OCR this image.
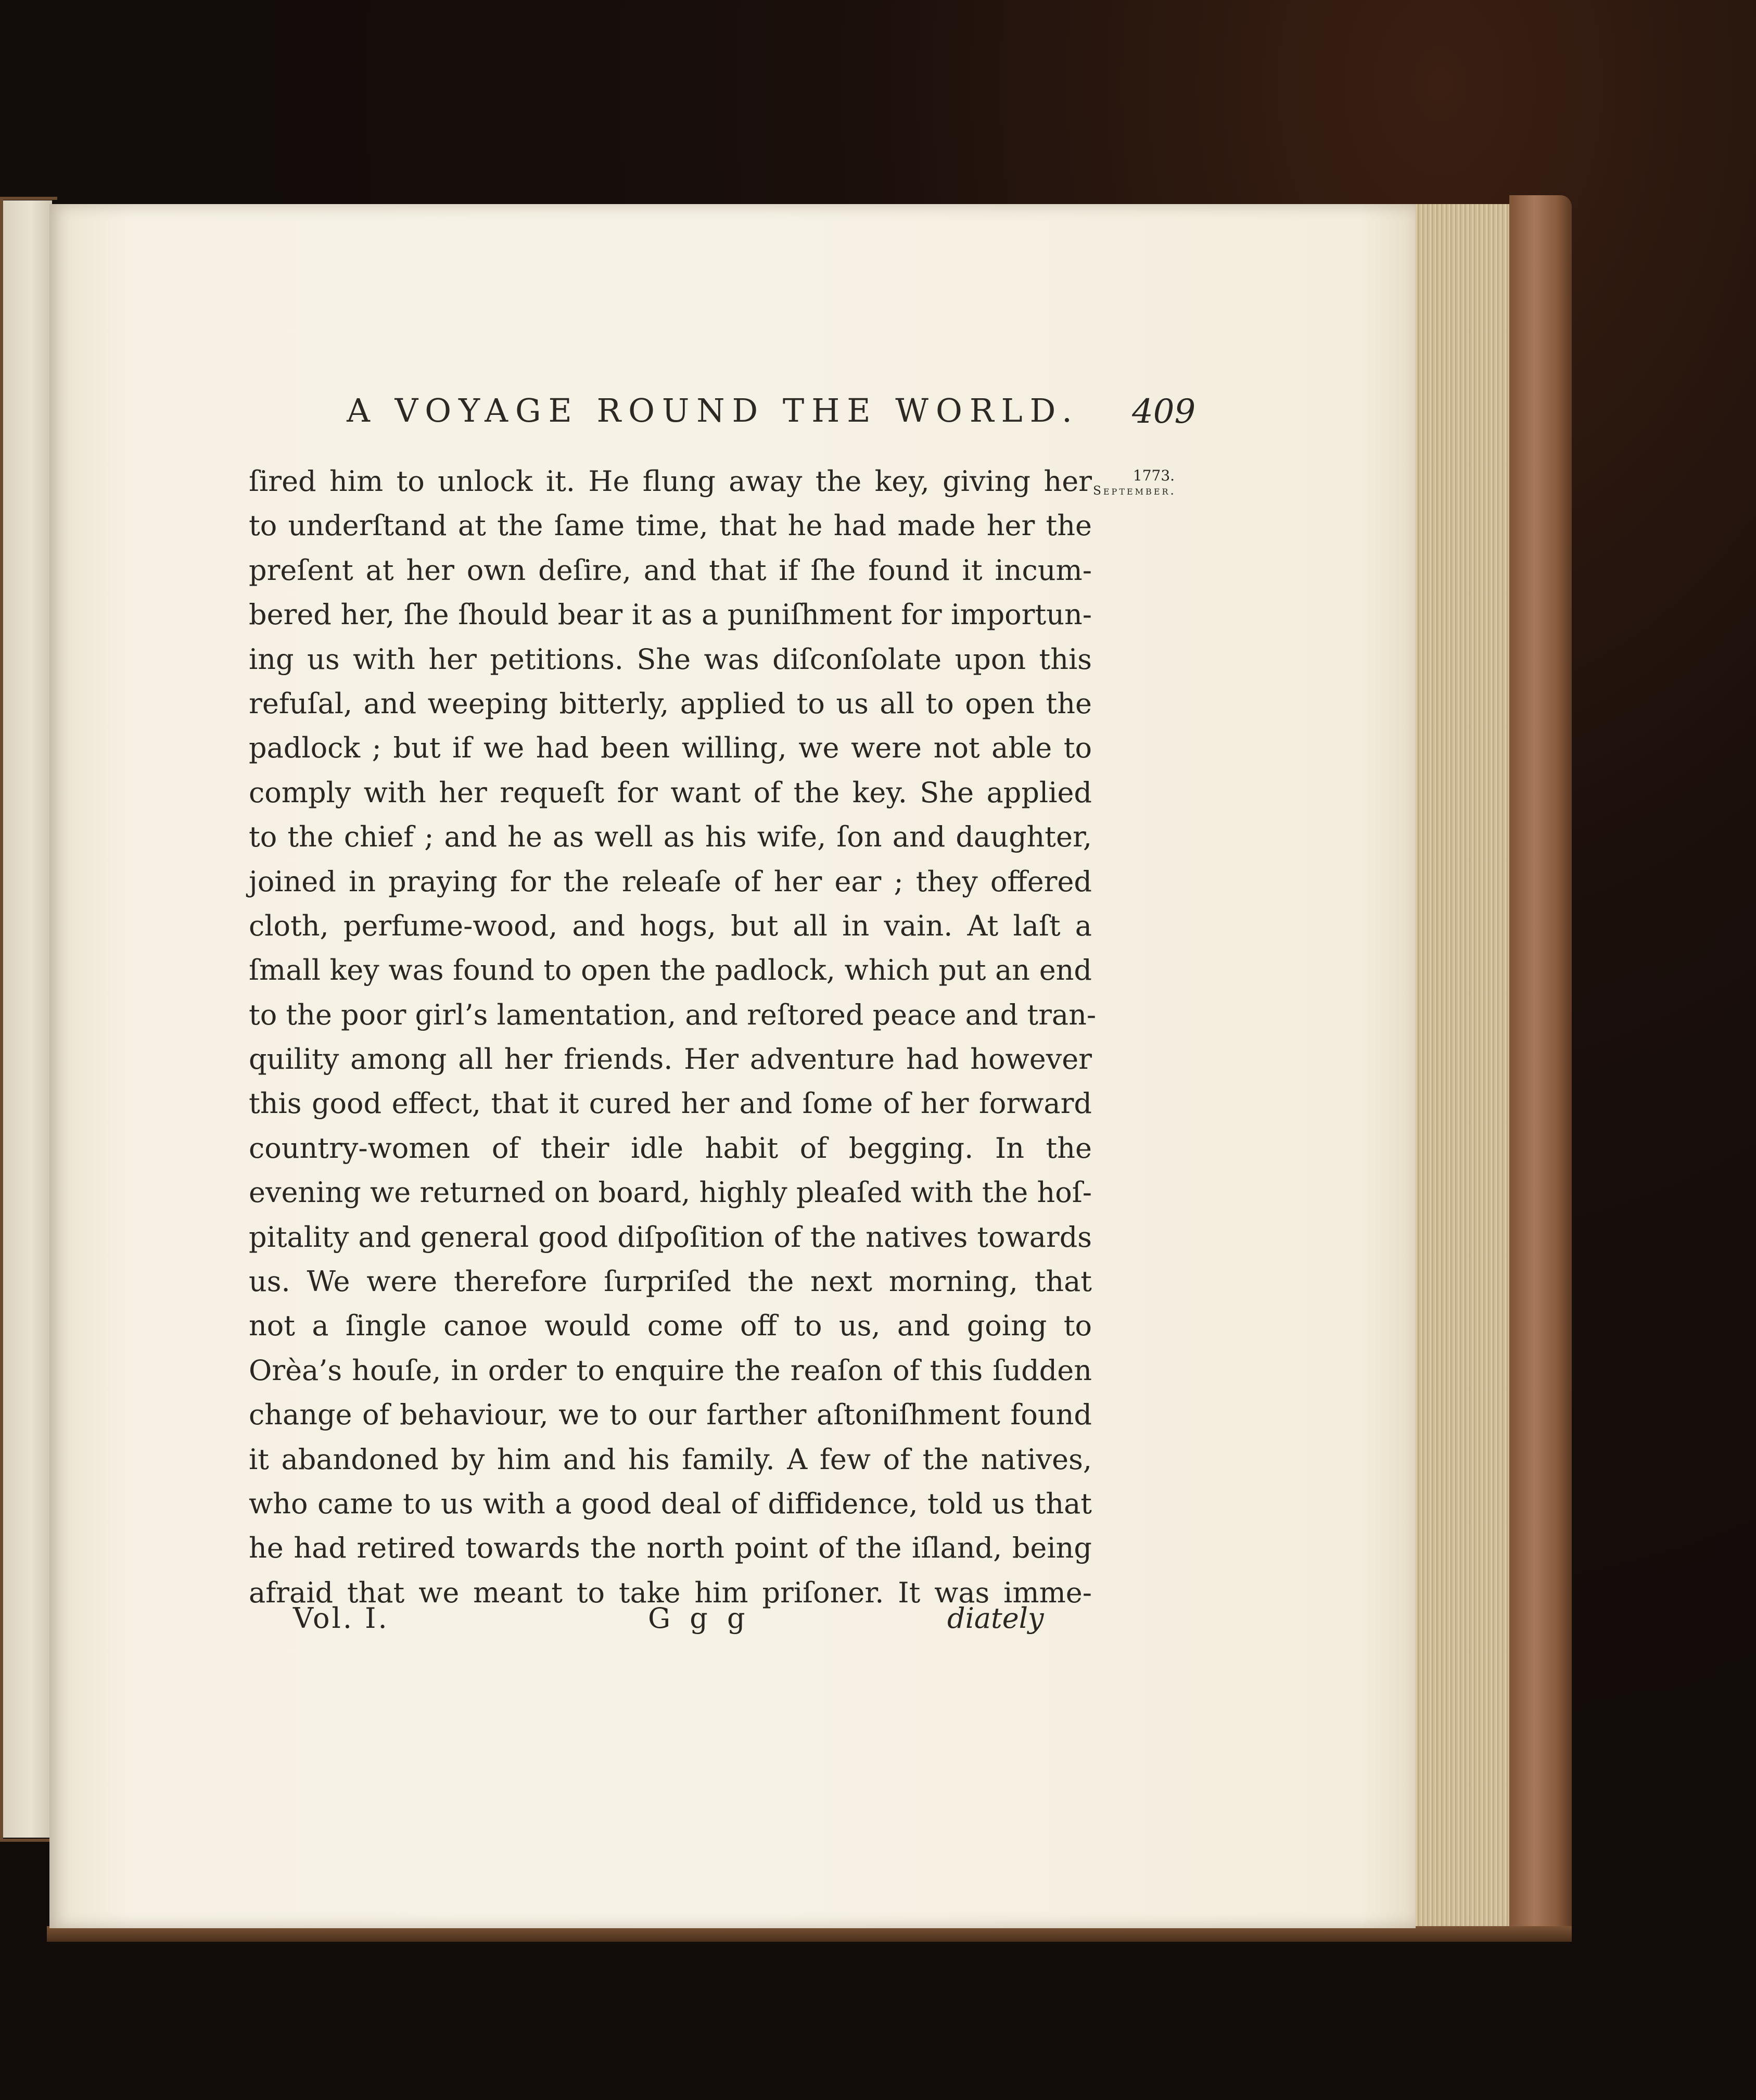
A VOYAGE ROUND THE WORLD.	409
1773.
September.
ſired him to unlock it. He flung away the key, giving her
to underſtand at the ſame time, that he had made her the
preſent at her own deſire, and that if ſhe found it incum-
bered her, ſhe ſhould bear it as a puniſhment for importun-
ing us with her petitions. She was diſconſolate upon this
refuſal, and weeping bitterly, applied to us all to open the
padlock ; but if we had been willing, we were not able to
comply with her requeſt for want of the key. She applied
to the chief ; and he as well as his wife, ſon and daughter,
joined in praying for the releaſe of her ear ; they offered
cloth, perfume-wood, and hogs, but all in vain. At laſt a
ſmall key was found to open the padlock, which put an end
to the poor girl’s lamentation, and reſtored peace and tran-
quility among all her friends. Her adventure had however
this good effect, that it cured her and ſome of her forward
country-women of their idle habit of begging. In the
evening we returned on board, highly pleaſed with the hoſ-
pitality and general good diſpoſition of the natives towards
us. We were therefore ſurpriſed the next morning, that
not a ſingle canoe would come off to us, and going to
Orèa’s houſe, in order to enquire the reaſon of this ſudden
change of behaviour, we to our farther aſtoniſhment found
it abandoned by him and his family. A few of the natives,
who came to us with a good deal of diffidence, told us that
he had retired towards the north point of the iſland, being
afraid that we meant to take him priſoner. It was imme-
Vol. I.	G g g	diately
